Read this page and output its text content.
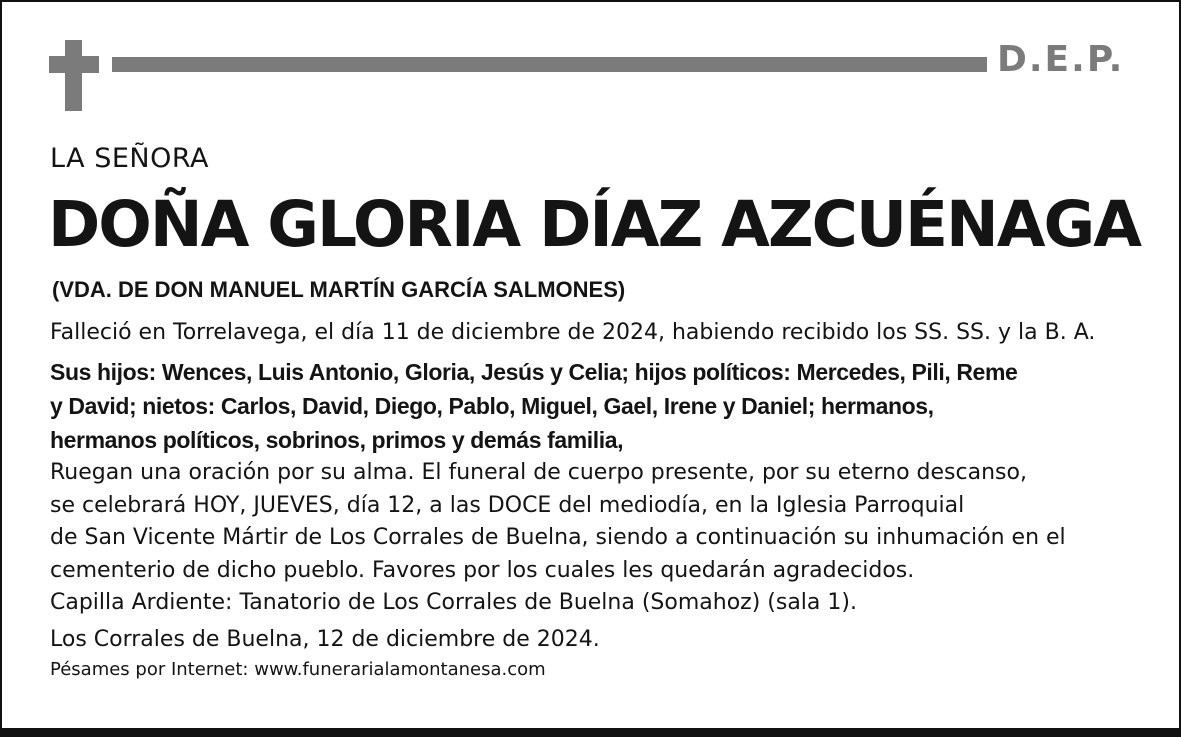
D.E.P.
LA SEÑORA
DOÑA GLORIA DÍAZ AZCUÉNAGA
(VDA. DE DON MANUEL MARTÍN GARCÍA SALMONES)
Falleció en Torrelavega, el día 11 de diciembre de 2024, habiendo recibido los SS. SS. y la B. A.
Sus hijos: Wences, Luis Antonio, Gloria, Jesús y Celia; hijos políticos: Mercedes, Pili, Reme
y David; nietos: Carlos, David, Diego, Pablo, Miguel, Gael, Irene y Daniel; hermanos,
hermanos políticos, sobrinos, primos y demás familia,
Ruegan una oración por su alma. El funeral de cuerpo presente, por su eterno descanso,
se celebrará HOY, JUEVES, día 12, a las DOCE del mediodía, en la Iglesia Parroquial
de San Vicente Mártir de Los Corrales de Buelna, siendo a continuación su inhumación en el
cementerio de dicho pueblo. Favores por los cuales les quedarán agradecidos.
Capilla Ardiente: Tanatorio de Los Corrales de Buelna (Somahoz) (sala 1).
Los Corrales de Buelna, 12 de diciembre de 2024.
Pésames por Internet: www.funerarialamontanesa.com
